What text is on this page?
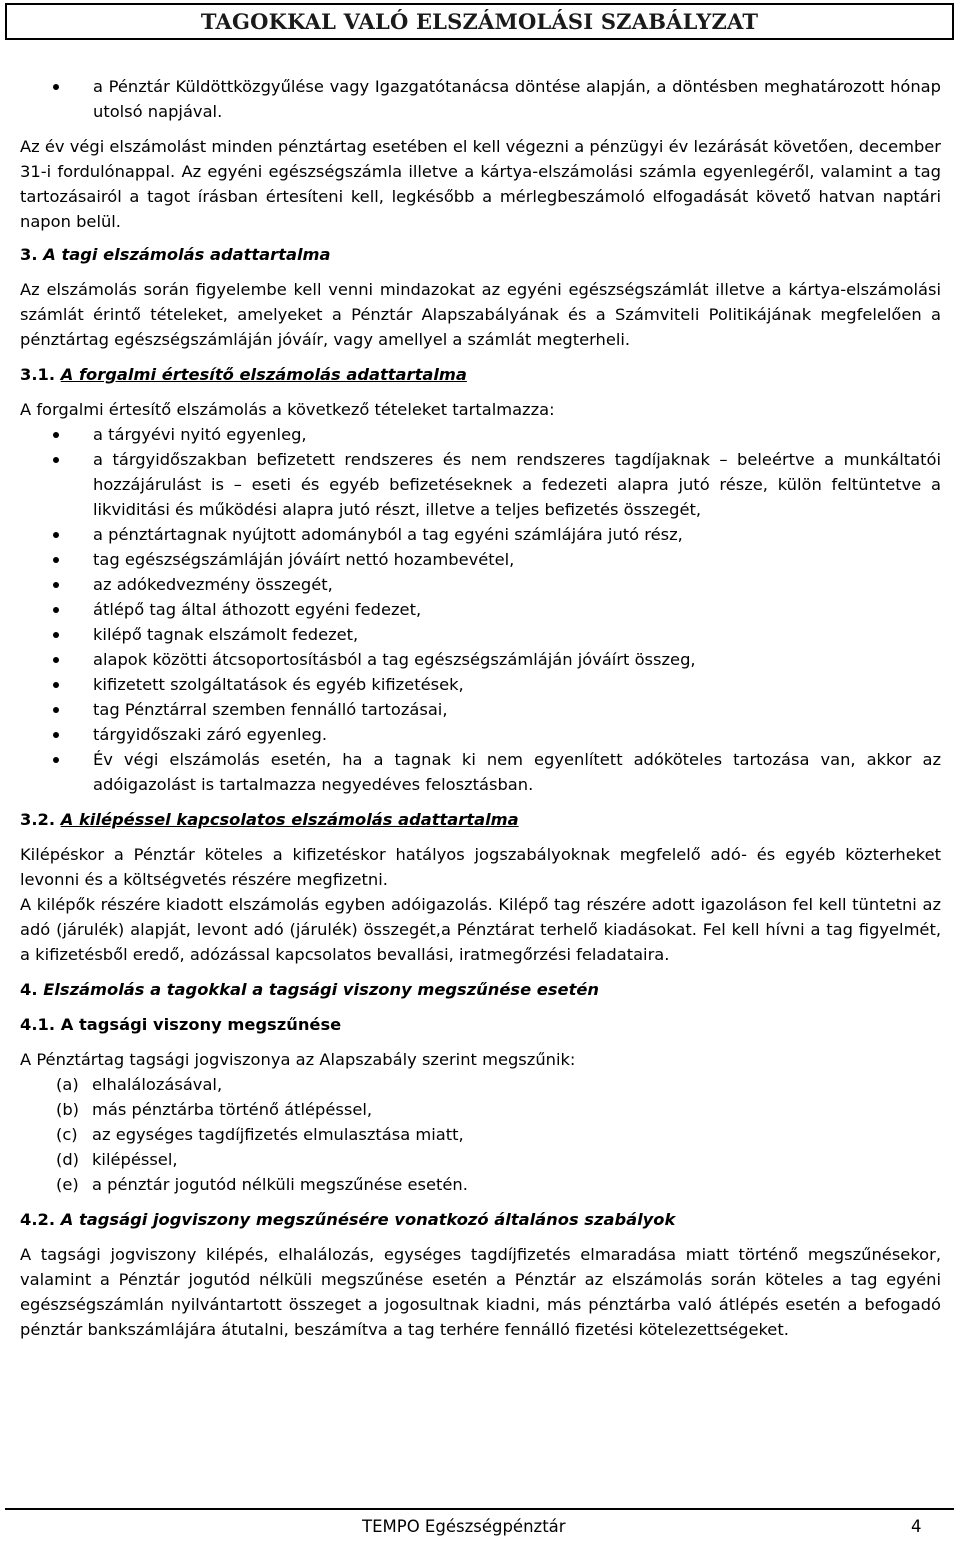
TAGOKKAL VALÓ ELSZÁMOLÁSI SZABÁLYZAT
a Pénztár Küldöttközgyűlése vagy Igazgatótanácsa döntése alapján, a döntésben meghatározott hónap utolsó napjával.

Az év végi elszámolást minden pénztártag esetében el kell végezni a pénzügyi év lezárását követően, december 31-i fordulónappal. Az egyéni egészségszámla illetve a kártya-elszámolási számla egyenlegéről, valamint a tag tartozásairól a tagot írásban értesíteni kell, legkésőbb a mérlegbeszámoló elfogadását követő hatvan naptári napon belül.

3. A tagi elszámolás adattartalma

Az elszámolás során figyelembe kell venni mindazokat az egyéni egészségszámlát illetve a kártya-elszámolási számlát érintő tételeket, amelyeket a Pénztár Alapszabályának és a Számviteli Politikájának megfelelően a pénztártag egészségszámláján jóváír, vagy amellyel a számlát megterheli.

3.1. A forgalmi értesítő elszámolás adattartalma

A forgalmi értesítő elszámolás a következő tételeket tartalmazza:

a tárgyévi nyitó egyenleg,
a tárgyidőszakban befizetett rendszeres és nem rendszeres tagdíjaknak – beleértve a munkáltatói hozzájárulást is – eseti és egyéb befizetéseknek a fedezeti alapra jutó része, külön feltüntetve a likviditási és működési alapra jutó részt, illetve a teljes befizetés összegét,
a pénztártagnak nyújtott adományból a tag egyéni számlájára jutó rész,
tag egészségszámláján jóváírt nettó hozambevétel,
az adókedvezmény összegét,
átlépő tag által áthozott egyéni fedezet,
kilépő tagnak elszámolt fedezet,
alapok közötti átcsoportosításból a tag egészségszámláján jóváírt összeg,
kifizetett szolgáltatások és egyéb kifizetések,
tag Pénztárral szemben fennálló tartozásai,
tárgyidőszaki záró egyenleg.
Év végi elszámolás esetén, ha a tagnak ki nem egyenlített adóköteles tartozása van, akkor az adóigazolást is tartalmazza negyedéves felosztásban.
3.2. A kilépéssel kapcsolatos elszámolás adattartalma

Kilépéskor a Pénztár köteles a kifizetéskor hatályos jogszabályoknak megfelelő adó- és egyéb közterheket levonni és a költségvetés részére megfizetni.

A kilépők részére kiadott elszámolás egyben adóigazolás. Kilépő tag részére adott igazoláson fel kell tüntetni az adó (járulék) alapját, levont adó (járulék) összegét,a Pénztárat terhelő kiadásokat. Fel kell hívni a tag figyelmét, a kifizetésből eredő, adózással kapcsolatos bevallási, iratmegőrzési feladataira.

4. Elszámolás a tagokkal a tagsági viszony megszűnése esetén
4.1. A tagsági viszony megszűnése

A Pénztártag tagsági jogviszonya az Alapszabály szerint megszűnik:

(a) elhalálozásával,
(b) más pénztárba történő átlépéssel,
(c) az egységes tagdíjfizetés elmulasztása miatt,
(d) kilépéssel,
(e) a pénztár jogutód nélküli megszűnése esetén.
4.2. A tagsági jogviszony megszűnésére vonatkozó általános szabályok

A tagsági jogviszony kilépés, elhalálozás, egységes tagdíjfizetés elmaradása miatt történő megszűnésekor, valamint a Pénztár jogutód nélküli megszűnése esetén a Pénztár az elszámolás során köteles a tag egyéni egészségszámlán nyilvántartott összeget a jogosultnak kiadni, más pénztárba való átlépés esetén a befogadó pénztár bankszámlájára átutalni, beszámítva a tag terhére fennálló fizetési kötelezettségeket.

TEMPO Egészségpénztár	4
